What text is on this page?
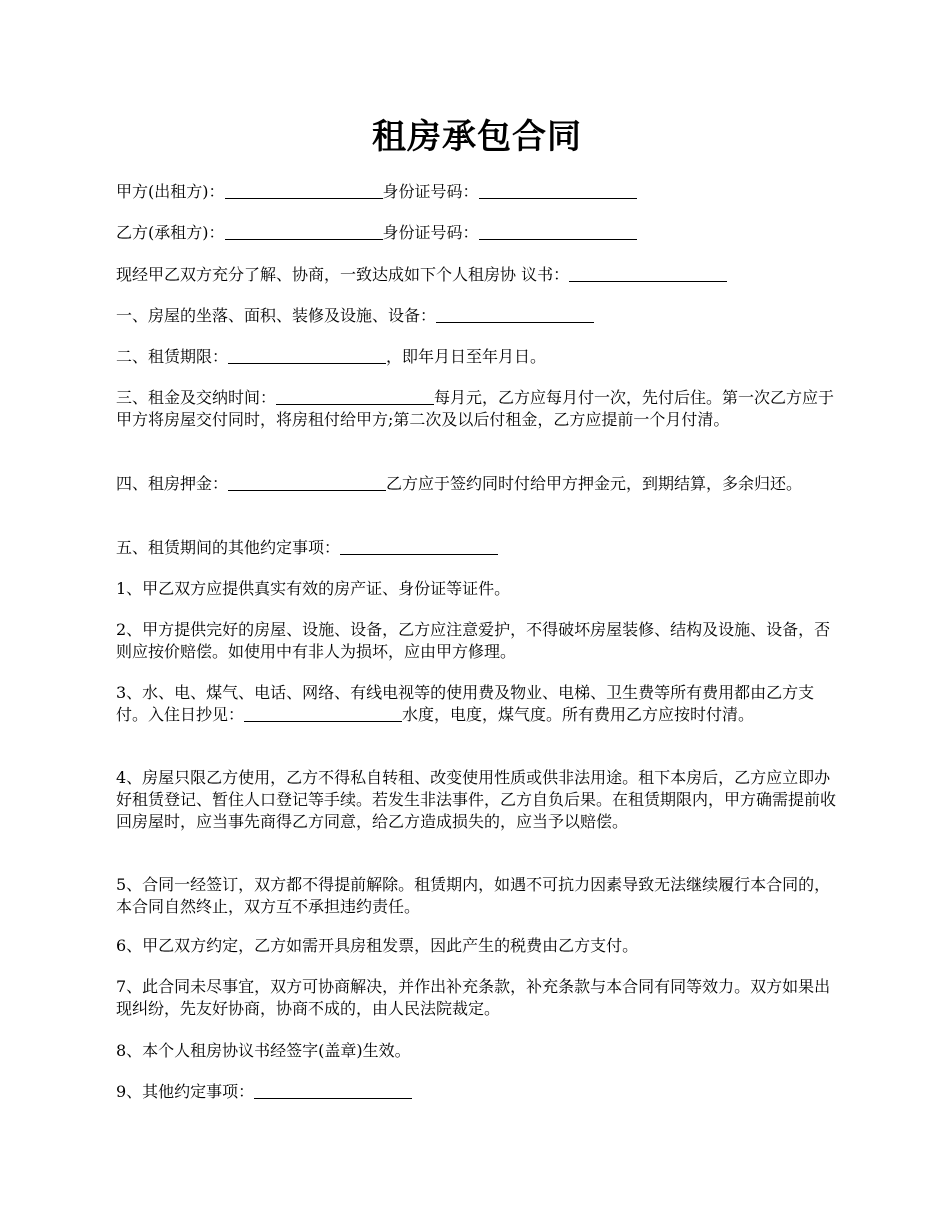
租房承包合同

甲方(出租方)：	身份证号码：

乙方(承租方)：	身份证号码：

现经甲乙双方充分了解、协商，一致达成如下个人租房协 议书：

一、房屋的坐落、面积、装修及设施、设备：

二、租赁期限：	，即年月日至年月日。

三、租金及交纳时间：	每月元，乙方应每月付一次，先付后住。第一次乙方应于甲方将房屋交付同时，将房租付给甲方;第二次及以后付租金，乙方应提前一个月付清。

四、租房押金：	乙方应于签约同时付给甲方押金元，到期结算，多余归还。

五、租赁期间的其他约定事项：

1、甲乙双方应提供真实有效的房产证、身份证等证件。

2、甲方提供完好的房屋、设施、设备，乙方应注意爱护，不得破坏房屋装修、结构及设施、设备，否则应按价赔偿。如使用中有非人为损坏，应由甲方修理。

3、水、电、煤气、电话、网络、有线电视等的使用费及物业、电梯、卫生费等所有费用都由乙方支付。入住日抄见：	水度，电度，煤气度。所有费用乙方应按时付清。

4、房屋只限乙方使用，乙方不得私自转租、改变使用性质或供非法用途。租下本房后，乙方应立即办好租赁登记、暂住人口登记等手续。若发生非法事件，乙方自负后果。在租赁期限内，甲方确需提前收回房屋时，应当事先商得乙方同意，给乙方造成损失的，应当予以赔偿。

5、合同一经签订，双方都不得提前解除。租赁期内，如遇不可抗力因素导致无法继续履行本合同的，本合同自然终止，双方互不承担违约责任。

6、甲乙双方约定，乙方如需开具房租发票，因此产生的税费由乙方支付。

7、此合同未尽事宜，双方可协商解决，并作出补充条款，补充条款与本合同有同等效力。双方如果出现纠纷，先友好协商，协商不成的，由人民法院裁定。

8、本个人租房协议书经签字(盖章)生效。

9、其他约定事项：
